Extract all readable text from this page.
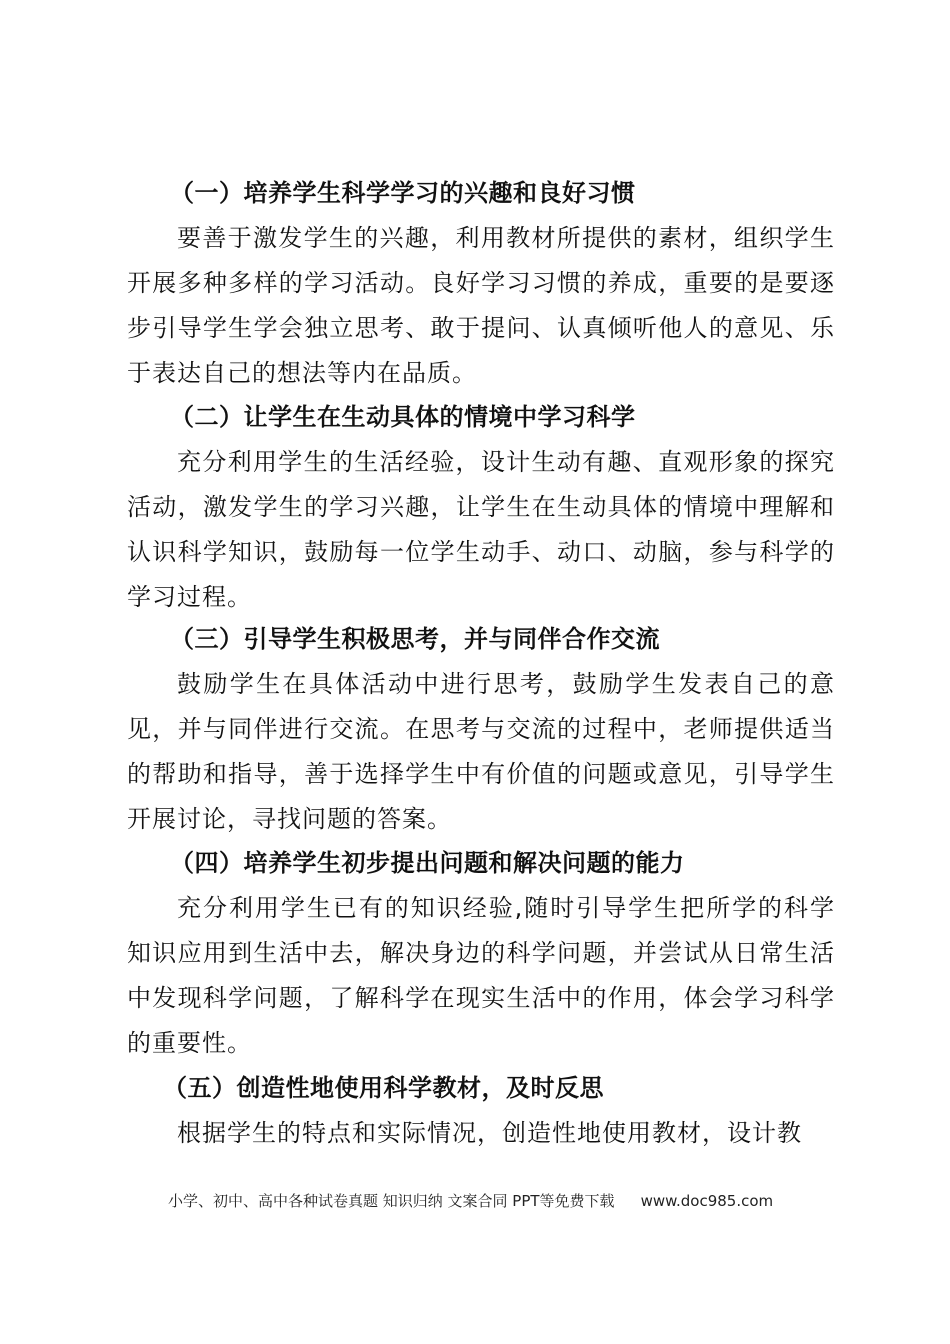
（一）培养学生科学学习的兴趣和良好习惯
要善于激发学生的兴趣，利用教材所提供的素材，组织学生开展多种多样的学习活动。良好学习习惯的养成，重要的是要逐步引导学生学会独立思考、敢于提问、认真倾听他人的意见、乐于表达自己的想法等内在品质。
（二）让学生在生动具体的情境中学习科学
充分利用学生的生活经验，设计生动有趣、直观形象的探究活动，激发学生的学习兴趣，让学生在生动具体的情境中理解和认识科学知识，鼓励每一位学生动手、动口、动脑，参与科学的学习过程。
（三）引导学生积极思考，并与同伴合作交流
鼓励学生在具体活动中进行思考，鼓励学生发表自己的意见，并与同伴进行交流。在思考与交流的过程中，老师提供适当的帮助和指导，善于选择学生中有价值的问题或意见，引导学生开展讨论，寻找问题的答案。
（四）培养学生初步提出问题和解决问题的能力
充分利用学生已有的知识经验,随时引导学生把所学的科学知识应用到生活中去，解决身边的科学问题，并尝试从日常生活中发现科学问题，了解科学在现实生活中的作用，体会学习科学的重要性。
（五）创造性地使用科学教材，及时反思
根据学生的特点和实际情况，创造性地使用教材，设计教
小学、初中、高中各种试卷真题 知识归纳 文案合同 PPT等免费下载 www.doc985.com
